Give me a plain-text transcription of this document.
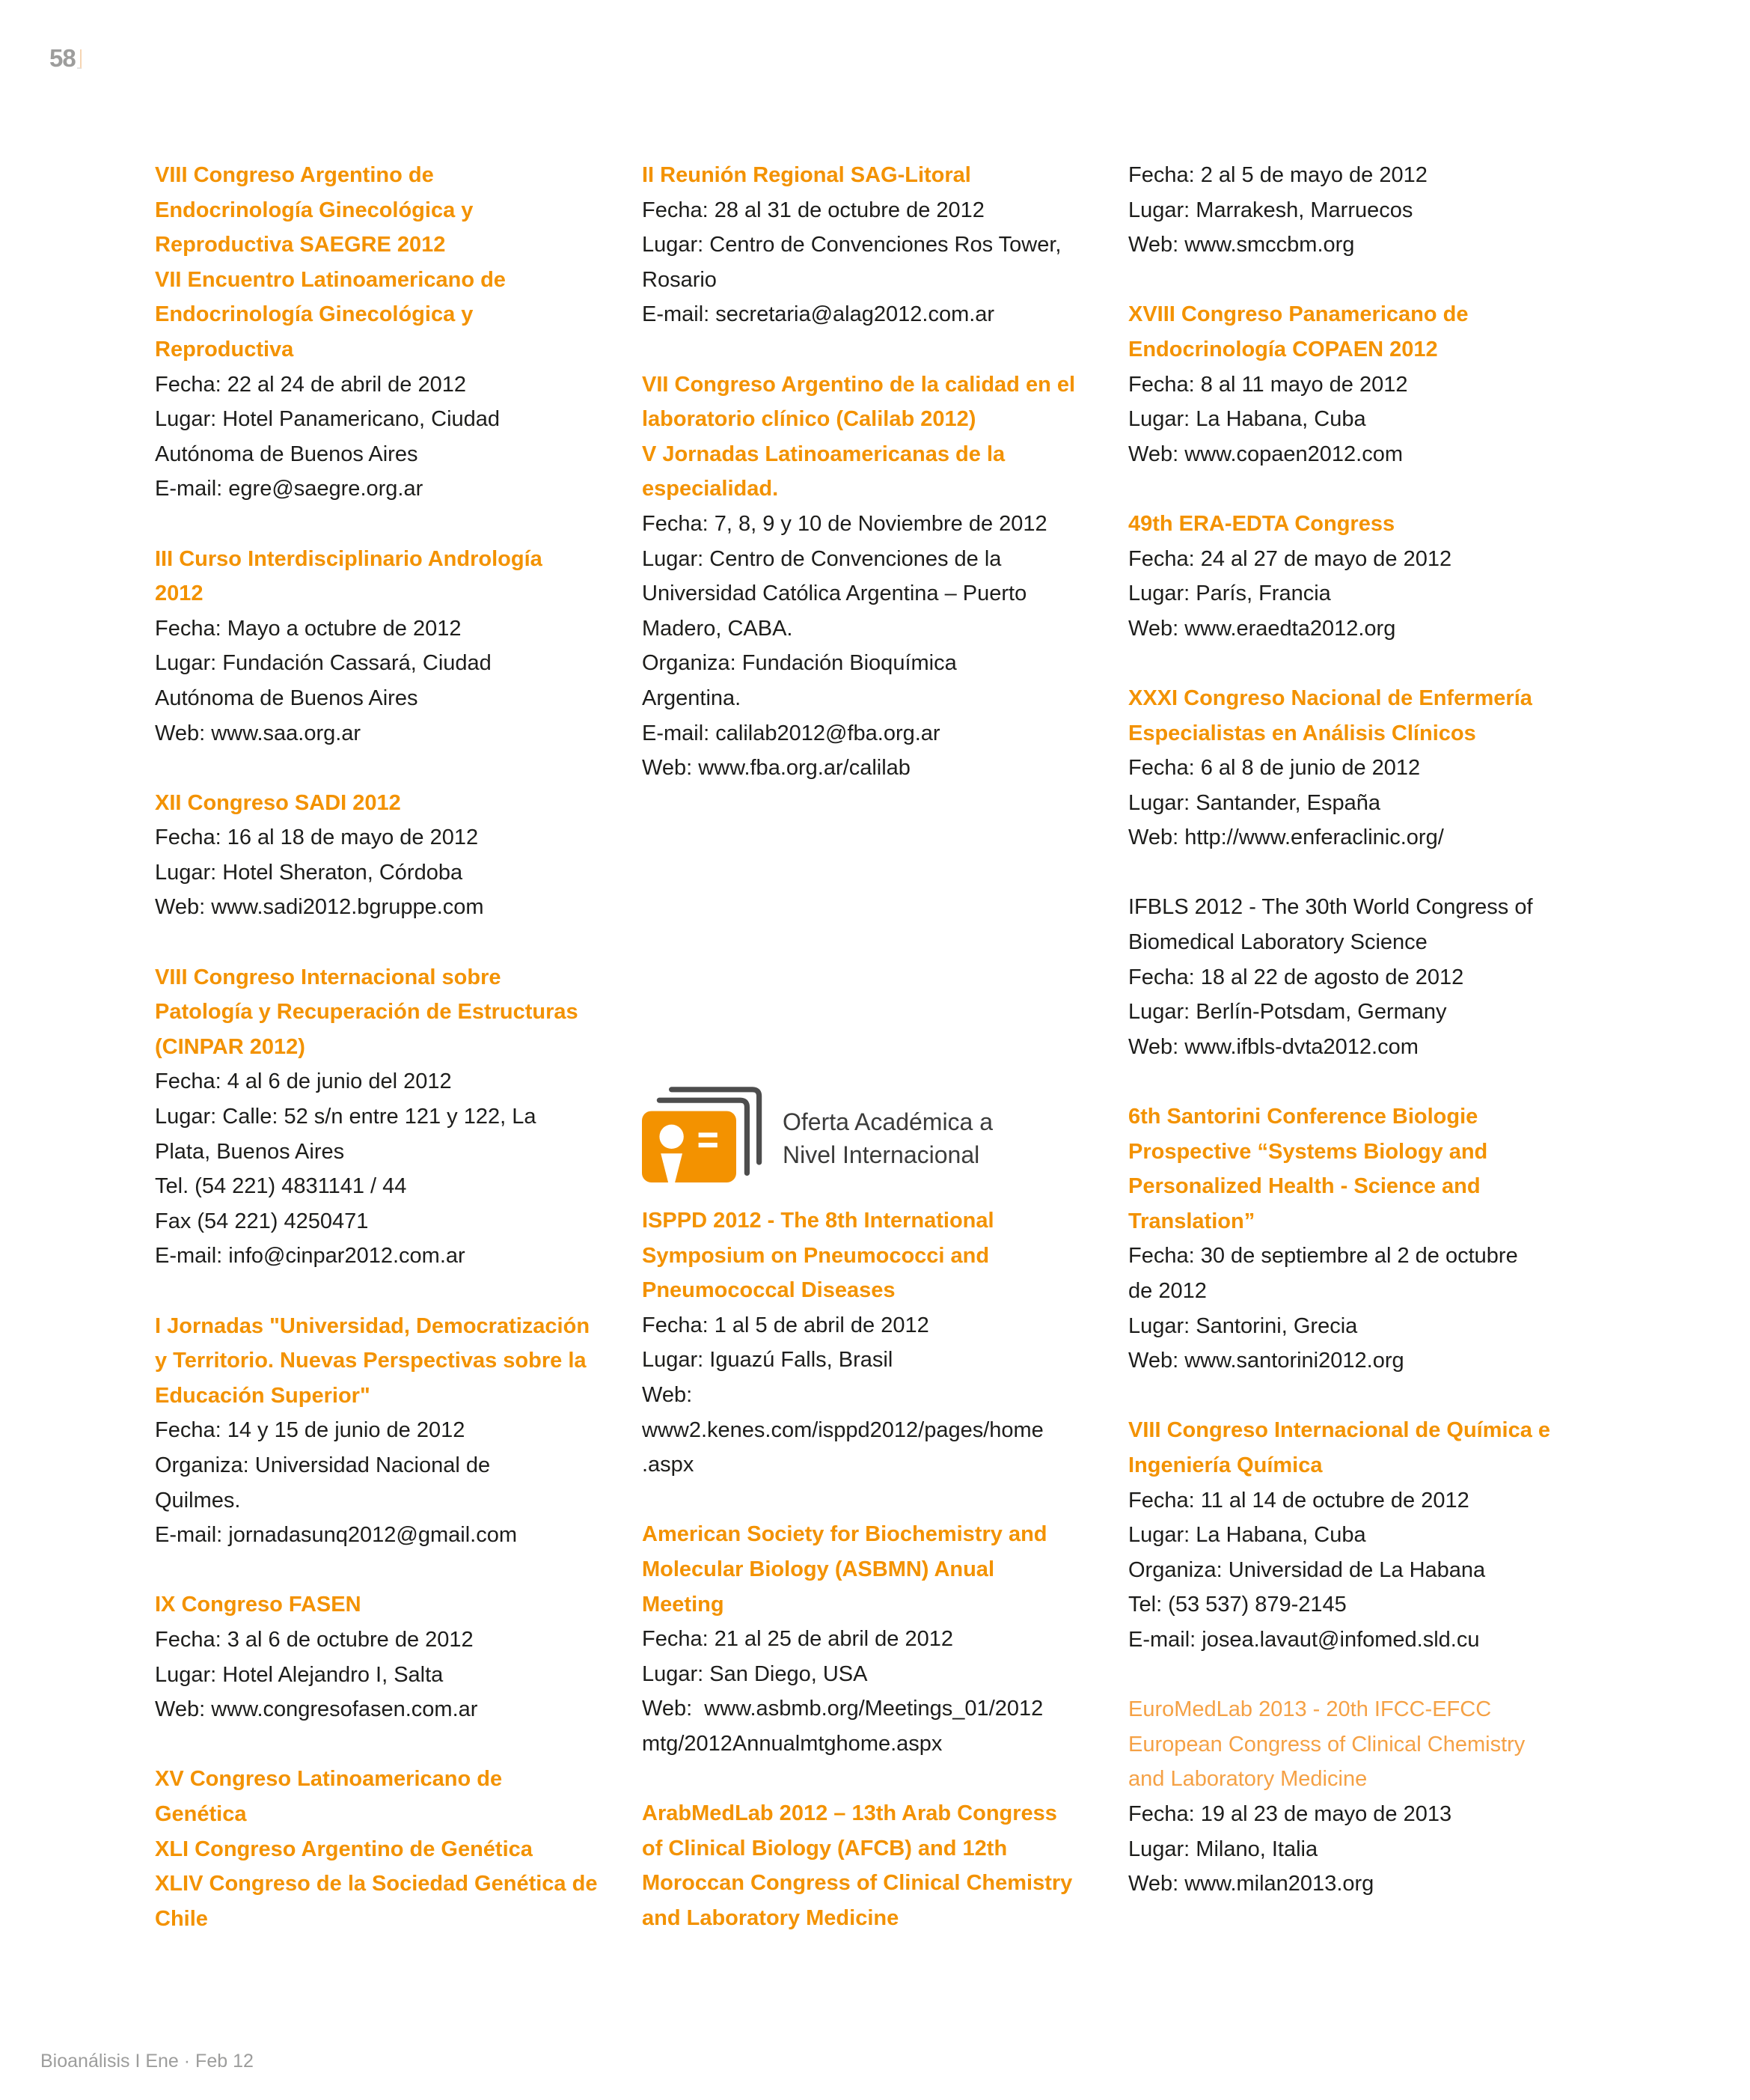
58
VIII Congreso Argentino de
Endocrinología Ginecológica y
Reproductiva SAEGRE 2012
VII Encuentro Latinoamericano de
Endocrinología Ginecológica y
Reproductiva
Fecha: 22 al 24 de abril de 2012
Lugar: Hotel Panamericano, Ciudad
Autónoma de Buenos Aires
E-mail: egre@saegre.org.ar
III Curso Interdisciplinario Andrología
2012
Fecha: Mayo a octubre de 2012
Lugar: Fundación Cassará, Ciudad
Autónoma de Buenos Aires
Web: www.saa.org.ar
XII Congreso SADI 2012
Fecha: 16 al 18 de mayo de 2012
Lugar: Hotel Sheraton, Córdoba
Web: www.sadi2012.bgruppe.com
VIII Congreso Internacional sobre
Patología y Recuperación de Estructuras
(CINPAR 2012)
Fecha: 4 al 6 de junio del 2012
Lugar: Calle: 52 s/n entre 121 y 122, La
Plata, Buenos Aires
Tel. (54 221) 4831141 / 44
Fax (54 221) 4250471
E-mail: info@cinpar2012.com.ar
I Jornadas "Universidad, Democratización
y Territorio. Nuevas Perspectivas sobre la
Educación Superior"
Fecha: 14 y 15 de junio de 2012
Organiza: Universidad Nacional de
Quilmes.
E-mail: jornadasunq2012@gmail.com
IX Congreso FASEN
Fecha: 3 al 6 de octubre de 2012
Lugar: Hotel Alejandro I, Salta
Web: www.congresofasen.com.ar
XV Congreso Latinoamericano de
Genética
XLI Congreso Argentino de Genética
XLIV Congreso de la Sociedad Genética de
Chile
II Reunión Regional SAG-Litoral
Fecha: 28 al 31 de octubre de 2012
Lugar: Centro de Convenciones Ros Tower,
Rosario
E-mail: secretaria@alag2012.com.ar
VII Congreso Argentino de la calidad en el
laboratorio clínico (Calilab 2012)
V Jornadas Latinoamericanas de la
especialidad.
Fecha: 7, 8, 9 y 10 de Noviembre de 2012
Lugar: Centro de Convenciones de la
Universidad Católica Argentina – Puerto
Madero, CABA.
Organiza: Fundación Bioquímica
Argentina.
E-mail: calilab2012@fba.org.ar
Web: www.fba.org.ar/calilab
Oferta Académica a
Nivel Internacional
ISPPD 2012 - The 8th International
Symposium on Pneumococci and
Pneumococcal Diseases
Fecha: 1 al 5 de abril de 2012
Lugar: Iguazú Falls, Brasil
Web:
www2.kenes.com/isppd2012/pages/home
.aspx
American Society for Biochemistry and
Molecular Biology (ASBMN) Anual
Meeting
Fecha: 21 al 25 de abril de 2012
Lugar: San Diego, USA
Web:  www.asbmb.org/Meetings_01/2012
mtg/2012Annualmtghome.aspx
ArabMedLab 2012 – 13th Arab Congress
of Clinical Biology (AFCB) and 12th
Moroccan Congress of Clinical Chemistry
and Laboratory Medicine
Fecha: 2 al 5 de mayo de 2012
Lugar: Marrakesh, Marruecos
Web: www.smccbm.org
XVIII Congreso Panamericano de
Endocrinología COPAEN 2012
Fecha: 8 al 11 mayo de 2012
Lugar: La Habana, Cuba
Web: www.copaen2012.com
49th ERA-EDTA Congress
Fecha: 24 al 27 de mayo de 2012
Lugar: París, Francia
Web: www.eraedta2012.org
XXXI Congreso Nacional de Enfermería
Especialistas en Análisis Clínicos
Fecha: 6 al 8 de junio de 2012
Lugar: Santander, España
Web: http://www.enferaclinic.org/
IFBLS 2012 - The 30th World Congress of
Biomedical Laboratory Science
Fecha: 18 al 22 de agosto de 2012
Lugar: Berlín-Potsdam, Germany
Web: www.ifbls-dvta2012.com
6th Santorini Conference Biologie
Prospective “Systems Biology and
Personalized Health - Science and
Translation”
Fecha: 30 de septiembre al 2 de octubre
de 2012
Lugar: Santorini, Grecia
Web: www.santorini2012.org
VIII Congreso Internacional de Química e
Ingeniería Química
Fecha: 11 al 14 de octubre de 2012
Lugar: La Habana, Cuba
Organiza: Universidad de La Habana
Tel: (53 537) 879-2145
E-mail: josea.lavaut@infomed.sld.cu
EuroMedLab 2013 - 20th IFCC-EFCC
European Congress of Clinical Chemistry
and Laboratory Medicine
Fecha: 19 al 23 de mayo de 2013
Lugar: Milano, Italia
Web: www.milan2013.org
Bioanálisis I Ene · Feb 12
